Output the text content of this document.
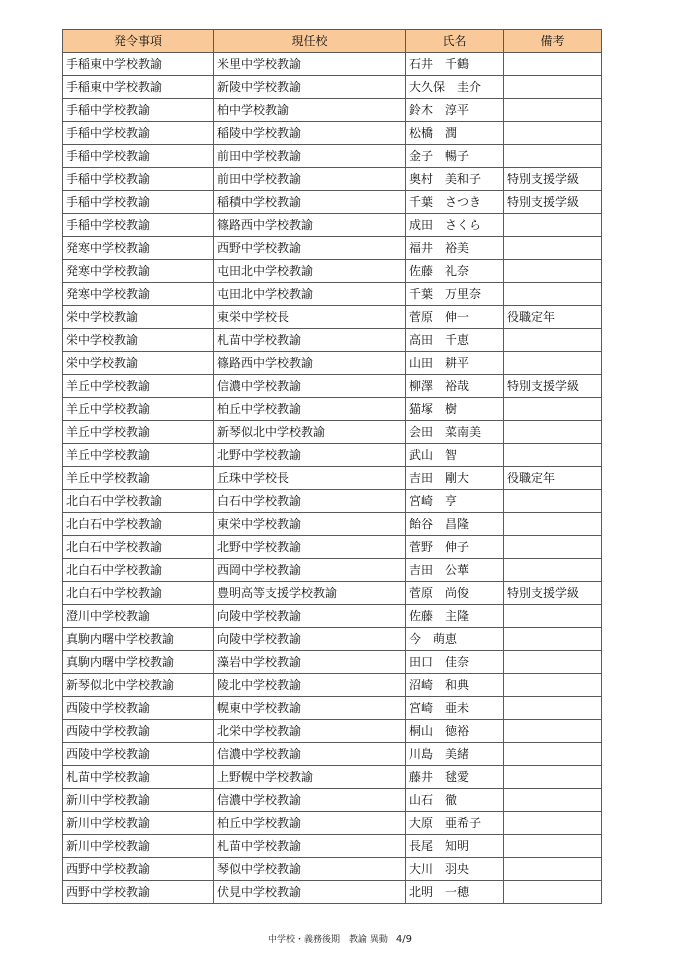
発令事項	現任校	氏名	備考
手稲東中学校教諭	米里中学校教諭	石井　千鶴	
手稲東中学校教諭	新陵中学校教諭	大久保　圭介	
手稲中学校教諭	柏中学校教諭	鈴木　淳平	
手稲中学校教諭	稲陵中学校教諭	松橋　潤	
手稲中学校教諭	前田中学校教諭	金子　暢子	
手稲中学校教諭	前田中学校教諭	奥村　美和子	特別支援学級
手稲中学校教諭	稲積中学校教諭	千葉　さつき	特別支援学級
手稲中学校教諭	篠路西中学校教諭	成田　さくら	
発寒中学校教諭	西野中学校教諭	福井　裕美	
発寒中学校教諭	屯田北中学校教諭	佐藤　礼奈	
発寒中学校教諭	屯田北中学校教諭	千葉　万里奈	
栄中学校教諭	東栄中学校長	菅原　伸一	役職定年
栄中学校教諭	札苗中学校教諭	高田　千恵	
栄中学校教諭	篠路西中学校教諭	山田　耕平	
羊丘中学校教諭	信濃中学校教諭	柳澤　裕哉	特別支援学級
羊丘中学校教諭	柏丘中学校教諭	猫塚　樹	
羊丘中学校教諭	新琴似北中学校教諭	会田　菜南美	
羊丘中学校教諭	北野中学校教諭	武山　智	
羊丘中学校教諭	丘珠中学校長	吉田　剛大	役職定年
北白石中学校教諭	白石中学校教諭	宮崎　亨	
北白石中学校教諭	東栄中学校教諭	飴谷　昌隆	
北白石中学校教諭	北野中学校教諭	菅野　伸子	
北白石中学校教諭	西岡中学校教諭	吉田　公華	
北白石中学校教諭	豊明高等支援学校教諭	菅原　尚俊	特別支援学級
澄川中学校教諭	向陵中学校教諭	佐藤　主隆	
真駒内曙中学校教諭	向陵中学校教諭	今　萌恵	
真駒内曙中学校教諭	藻岩中学校教諭	田口　佳奈	
新琴似北中学校教諭	陵北中学校教諭	沼崎　和典	
西陵中学校教諭	幌東中学校教諭	宮崎　亜未	
西陵中学校教諭	北栄中学校教諭	桐山　徳裕	
西陵中学校教諭	信濃中学校教諭	川島　美緒	
札苗中学校教諭	上野幌中学校教諭	藤井　毬愛	
新川中学校教諭	信濃中学校教諭	山石　徹	
新川中学校教諭	柏丘中学校教諭	大原　亜希子	
新川中学校教諭	札苗中学校教諭	長尾　知明	
西野中学校教諭	琴似中学校教諭	大川　羽央	
西野中学校教諭	伏見中学校教諭	北明　一穂	
中学校・義務後期　教諭 異動 4/9
